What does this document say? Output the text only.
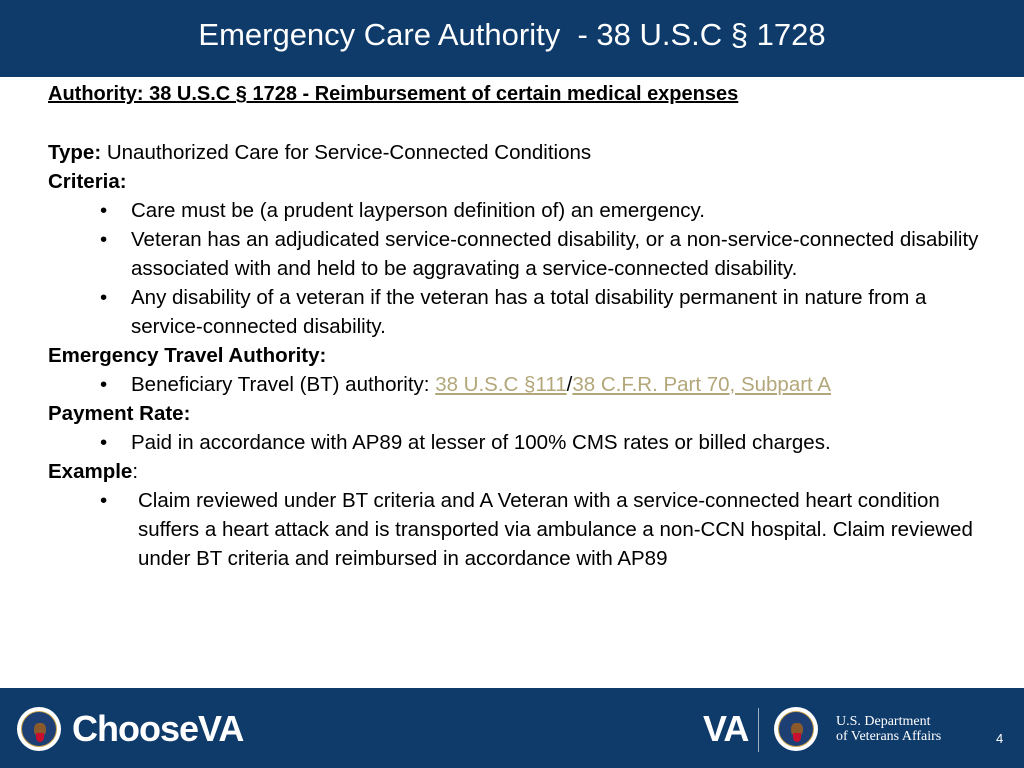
Emergency Care Authority  - 38 U.S.C § 1728
Authority: 38 U.S.C § 1728 - Reimbursement of certain medical expenses
Type: Unauthorized Care for Service-Connected Conditions
Criteria:
• Care must be (a prudent layperson definition of) an emergency.
• Veteran has an adjudicated service-connected disability, or a non-service-connected disability associated with and held to be aggravating a service-connected disability.
• Any disability of a veteran if the veteran has a total disability permanent in nature from a service-connected disability.
Emergency Travel Authority:
• Beneficiary Travel (BT) authority: 38 U.S.C §111/38 C.F.R. Part 70, Subpart A
Payment Rate:
• Paid in accordance with AP89 at lesser of 100% CMS rates or billed charges.
Example:
• Claim reviewed under BT criteria and A Veteran with a service-connected heart condition suffers a heart attack and is transported via ambulance a non-CCN hospital. Claim reviewed under BT criteria and reimbursed in accordance with AP89
ChooseVA	VA	U.S. Department
of Veterans Affairs	4
